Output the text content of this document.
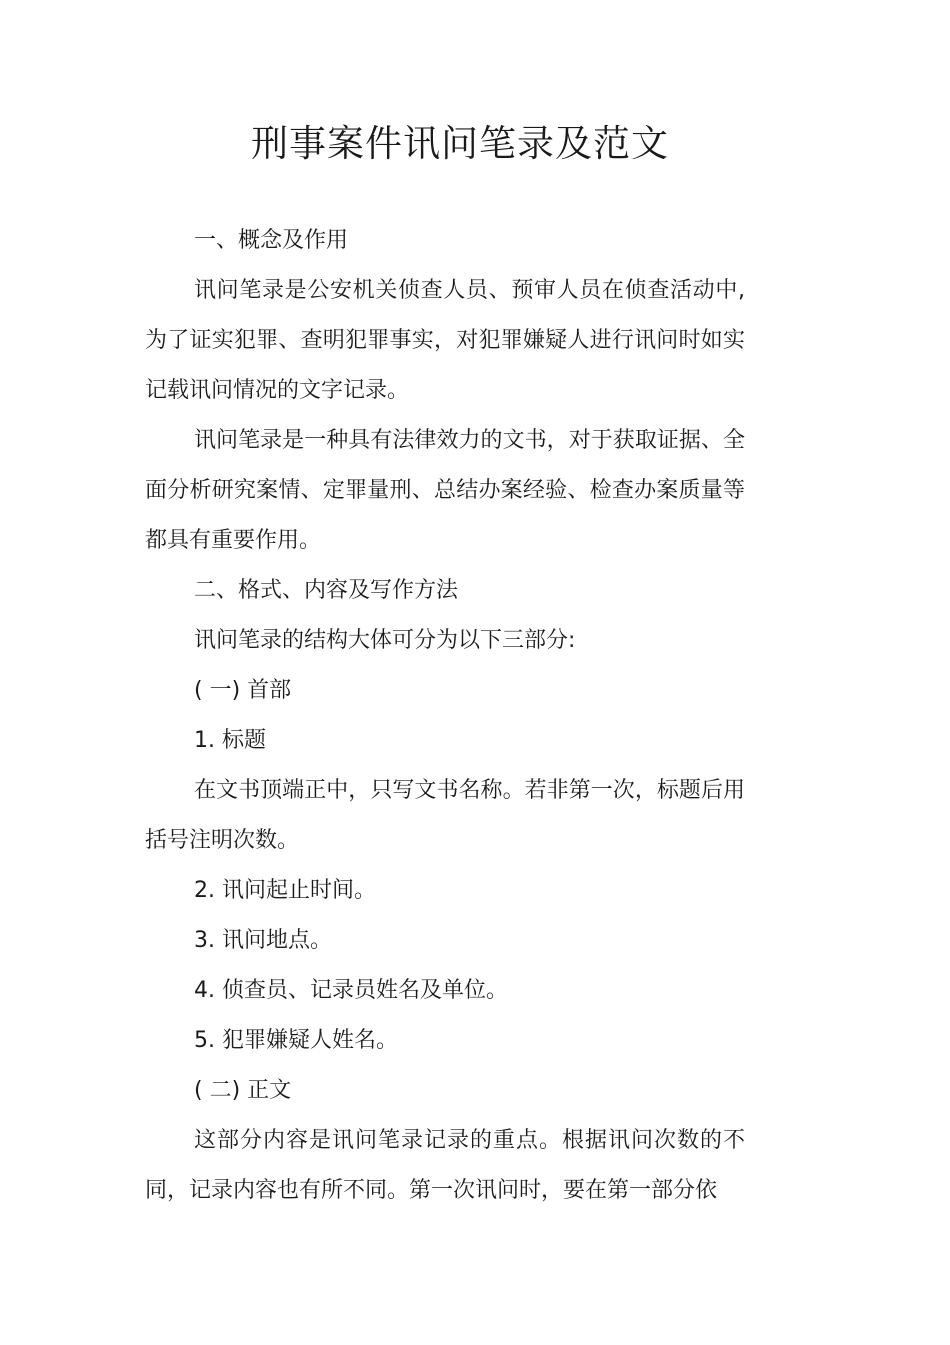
刑事案件讯问笔录及范文

一、概念及作用

讯问笔录是公安机关侦查人员、预审人员在侦查活动中,为了证实犯罪、查明犯罪事实，对犯罪嫌疑人进行讯问时如实记载讯问情况的文字记录。

讯问笔录是一种具有法律效力的文书，对于获取证据、全面分析研究案情、定罪量刑、总结办案经验、检查办案质量等都具有重要作用。

二、格式、内容及写作方法

讯问笔录的结构大体可分为以下三部分:

( 一) 首部

1. 标题

在文书顶端正中，只写文书名称。若非第一次，标题后用括号注明次数。

2. 讯问起止时间。

3. 讯问地点。

4. 侦查员、记录员姓名及单位。

5. 犯罪嫌疑人姓名。

( 二) 正文

这部分内容是讯问笔录记录的重点。根据讯问次数的不同，记录内容也有所不同。第一次讯问时，要在第一部分依
